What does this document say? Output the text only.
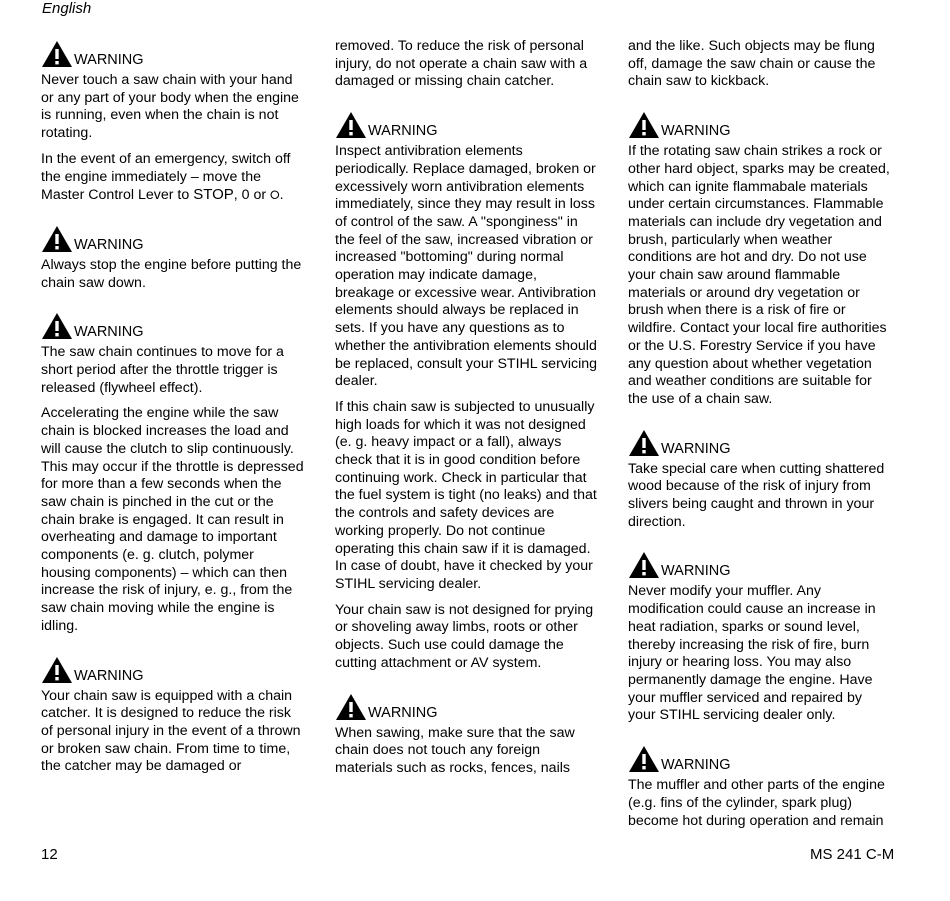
English
WARNING

Never touch a saw chain with your hand or any part of your body when the engine is running, even when the chain is not rotating.

In the event of an emergency, switch off the engine immediately – move the Master Control Lever to STOP, 0 or ⭘.

WARNING

Always stop the engine before putting the chain saw down.

WARNING

The saw chain continues to move for a short period after the throttle trigger is released (flywheel effect).

Accelerating the engine while the saw chain is blocked increases the load and will cause the clutch to slip continuously. This may occur if the throttle is depressed for more than a few seconds when the saw chain is pinched in the cut or the chain brake is engaged. It can result in overheating and damage to important components (e. g. clutch, polymer housing components) – which can then increase the risk of injury, e. g., from the saw chain moving while the engine is idling.

WARNING

Your chain saw is equipped with a chain catcher. It is designed to reduce the risk of personal injury in the event of a thrown or broken saw chain. From time to time, the catcher may be damaged or

removed. To reduce the risk of personal injury, do not operate a chain saw with a damaged or missing chain catcher.

WARNING

Inspect antivibration elements periodically. Replace damaged, broken or excessively worn antivibration elements immediately, since they may result in loss of control of the saw. A "sponginess" in the feel of the saw, increased vibration or increased "bottoming" during normal operation may indicate damage, breakage or excessive wear. Antivibration elements should always be replaced in sets. If you have any questions as to whether the antivibration elements should be replaced, consult your STIHL servicing dealer.

If this chain saw is subjected to unusually high loads for which it was not designed (e. g. heavy impact or a fall), always check that it is in good condition before continuing work. Check in particular that the fuel system is tight (no leaks) and that the controls and safety devices are working properly. Do not continue operating this chain saw if it is damaged. In case of doubt, have it checked by your STIHL servicing dealer.

Your chain saw is not designed for prying or shoveling away limbs, roots or other objects. Such use could damage the cutting attachment or AV system.

WARNING

When sawing, make sure that the saw chain does not touch any foreign materials such as rocks, fences, nails

and the like. Such objects may be flung off, damage the saw chain or cause the chain saw to kickback.

WARNING

If the rotating saw chain strikes a rock or other hard object, sparks may be created, which can ignite flammabale materials under certain circumstances. Flammable materials can include dry vegetation and brush, particularly when weather conditions are hot and dry. Do not use your chain saw around flammable materials or around dry vegetation or brush when there is a risk of fire or wildfire. Contact your local fire authorities or the U.S. Forestry Service if you have any question about whether vegetation and weather conditions are suitable for the use of a chain saw.

WARNING

Take special care when cutting shattered wood because of the risk of injury from slivers being caught and thrown in your direction.

WARNING

Never modify your muffler. Any modification could cause an increase in heat radiation, sparks or sound level, thereby increasing the risk of fire, burn injury or hearing loss. You may also permanently damage the engine. Have your muffler serviced and repaired by your STIHL servicing dealer only.

WARNING

The muffler and other parts of the engine (e.g. fins of the cylinder, spark plug) become hot during operation and remain

12	MS 241 C-M
